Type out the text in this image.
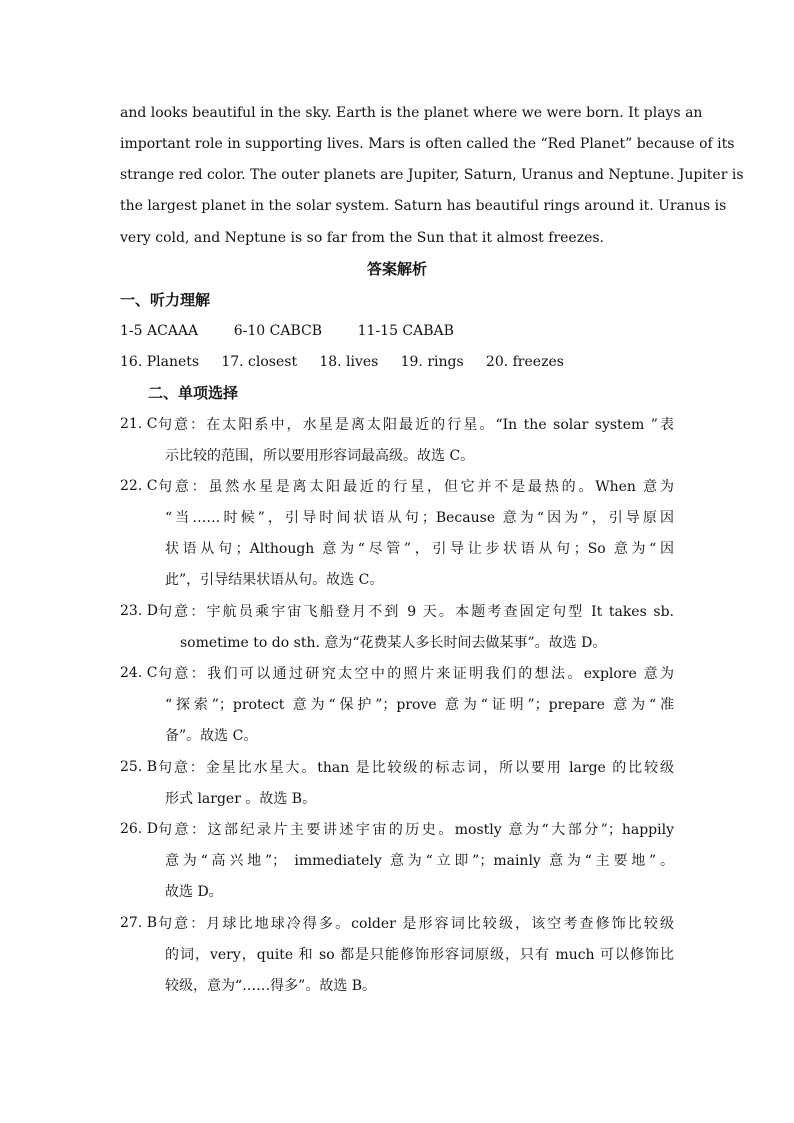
and looks beautiful in the sky. Earth is the planet where we were born. It plays an
important role in supporting lives. Mars is often called the “Red Planet” because of its
strange red color. The outer planets are Jupiter, Saturn, Uranus and Neptune. Jupiter is
the largest planet in the solar system. Saturn has beautiful rings around it. Uranus is
very cold, and Neptune is so far from the Sun that it almost freezes.
答案解析
一、听力理解
1-5 ACAAA        6-10 CABCB        11-15 CABAB
16. Planets     17. closest     18. lives     19. rings     20. freezes
二、单项选择
21. C 句意：在太阳系中，水星是离太阳最近的行星。“In the solar system ”表
示比较的范围，所以要用形容词最高级。故选 C。
22. C 句意：虽然水星是离太阳最近的行星，但它并不是最热的。When 意为
“当……时候”，引导时间状语从句；Because 意为“因为”，引导原因
状语从句；Although 意为“尽管”，引导让步状语从句；So 意为“因
此”，引导结果状语从句。故选 C。
23. D 句意：宇航员乘宇宙飞船登月不到 9 天。本题考查固定句型 It takes sb.
sometime to do sth. 意为“花费某人多长时间去做某事”。故选 D。
24. C 句意：我们可以通过研究太空中的照片来证明我们的想法。explore 意为
“探索”；protect 意为“保护”；prove 意为“证明”；prepare 意为“准
备”。故选 C。
25. B 句意：金星比水星大。than 是比较级的标志词，所以要用 large 的比较级
形式 larger 。故选 B。
26. D 句意：这部纪录片主要讲述宇宙的历史。mostly 意为“大部分”；happily
意为“高兴地”； immediately 意为“立即”；mainly 意为“主要地”。
故选 D。
27. B 句意：月球比地球冷得多。colder 是形容词比较级，该空考查修饰比较级
的词，very，quite 和 so 都是只能修饰形容词原级，只有 much 可以修饰比
较级，意为“……得多”。故选 B。
